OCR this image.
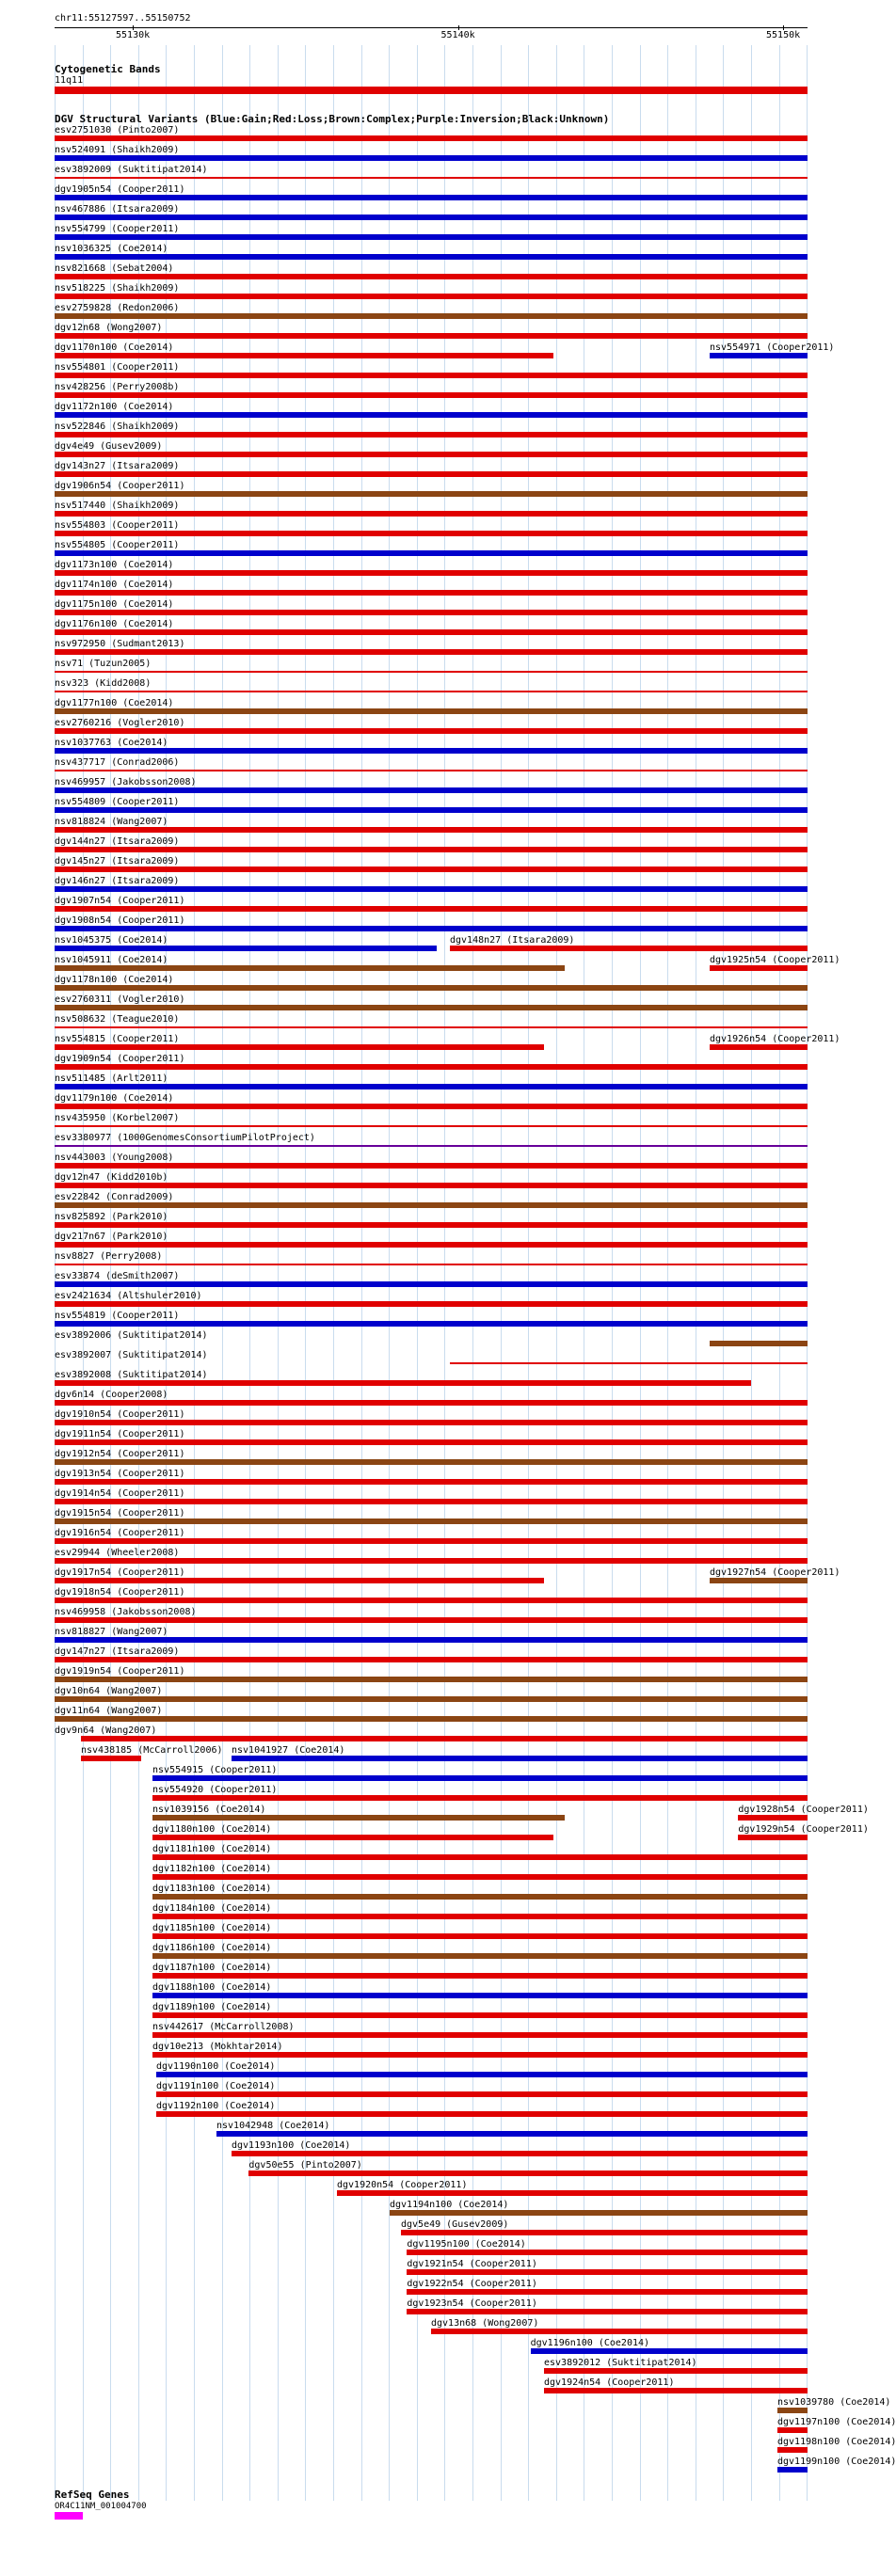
chr11:55127597..55150752
55130k	55140k	55150k
Cytogenetic Bands
11q11
DGV Structural Variants (Blue:Gain;Red:Loss;Brown:Complex;Purple:Inversion;Black:Unknown)
esv2751030 (Pinto2007)
nsv524091 (Shaikh2009)
esv3892009 (Suktitipat2014)
dgv1905n54 (Cooper2011)
nsv467886 (Itsara2009)
nsv554799 (Cooper2011)
nsv1036325 (Coe2014)
nsv821668 (Sebat2004)
nsv518225 (Shaikh2009)
esv2759828 (Redon2006)
dgv12n68 (Wong2007)
dgv1170n100 (Coe2014)	nsv554971 (Cooper2011)
nsv554801 (Cooper2011)
nsv428256 (Perry2008b)
dgv1172n100 (Coe2014)
nsv522846 (Shaikh2009)
dgv4e49 (Gusev2009)
dgv143n27 (Itsara2009)
dgv1906n54 (Cooper2011)
nsv517440 (Shaikh2009)
nsv554803 (Cooper2011)
nsv554805 (Cooper2011)
dgv1173n100 (Coe2014)
dgv1174n100 (Coe2014)
dgv1175n100 (Coe2014)
dgv1176n100 (Coe2014)
nsv972950 (Sudmant2013)
nsv71 (Tuzun2005)
nsv323 (Kidd2008)
dgv1177n100 (Coe2014)
esv2760216 (Vogler2010)
nsv1037763 (Coe2014)
nsv437717 (Conrad2006)
nsv469957 (Jakobsson2008)
nsv554809 (Cooper2011)
nsv818824 (Wang2007)
dgv144n27 (Itsara2009)
dgv145n27 (Itsara2009)
dgv146n27 (Itsara2009)
dgv1907n54 (Cooper2011)
dgv1908n54 (Cooper2011)
nsv1045375 (Coe2014)	dgv148n27 (Itsara2009)
nsv1045911 (Coe2014)	dgv1925n54 (Cooper2011)
dgv1178n100 (Coe2014)
esv2760311 (Vogler2010)
nsv508632 (Teague2010)
nsv554815 (Cooper2011)	dgv1926n54 (Cooper2011)
dgv1909n54 (Cooper2011)
nsv511485 (Arlt2011)
dgv1179n100 (Coe2014)
nsv435950 (Korbel2007)
esv3380977 (1000GenomesConsortiumPilotProject)
nsv443003 (Young2008)
dgv12n47 (Kidd2010b)
esv22842 (Conrad2009)
nsv825892 (Park2010)
dgv217n67 (Park2010)
nsv8827 (Perry2008)
esv33874 (deSmith2007)
esv2421634 (Altshuler2010)
nsv554819 (Cooper2011)
esv3892006 (Suktitipat2014)
esv3892007 (Suktitipat2014)
esv3892008 (Suktitipat2014)
dgv6n14 (Cooper2008)
dgv1910n54 (Cooper2011)
dgv1911n54 (Cooper2011)
dgv1912n54 (Cooper2011)
dgv1913n54 (Cooper2011)
dgv1914n54 (Cooper2011)
dgv1915n54 (Cooper2011)
dgv1916n54 (Cooper2011)
esv29944 (Wheeler2008)
dgv1917n54 (Cooper2011)	dgv1927n54 (Cooper2011)
dgv1918n54 (Cooper2011)
nsv469958 (Jakobsson2008)
nsv818827 (Wang2007)
dgv147n27 (Itsara2009)
dgv1919n54 (Cooper2011)
dgv10n64 (Wang2007)
dgv11n64 (Wang2007)
dgv9n64 (Wang2007)
nsv438185 (McCarroll2006) nsv1041927 (Coe2014)
nsv554915 (Cooper2011)
nsv554920 (Cooper2011)
nsv1039156 (Coe2014)	dgv1928n54 (Cooper2011)
dgv1180n100 (Coe2014)	dgv1929n54 (Cooper2011)
dgv1181n100 (Coe2014)
dgv1182n100 (Coe2014)
dgv1183n100 (Coe2014)
dgv1184n100 (Coe2014)
dgv1185n100 (Coe2014)
dgv1186n100 (Coe2014)
dgv1187n100 (Coe2014)
dgv1188n100 (Coe2014)
dgv1189n100 (Coe2014)
nsv442617 (McCarroll2008)
dgv10e213 (Mokhtar2014)
dgv1190n100 (Coe2014)
dgv1191n100 (Coe2014)
dgv1192n100 (Coe2014)
nsv1042948 (Coe2014)
dgv1193n100 (Coe2014)
dgv50e55 (Pinto2007)
dgv1920n54 (Cooper2011)
dgv1194n100 (Coe2014)
dgv5e49 (Gusev2009)
dgv1195n100 (Coe2014)
dgv1921n54 (Cooper2011)
dgv1922n54 (Cooper2011)
dgv1923n54 (Cooper2011)
dgv13n68 (Wong2007)
dgv1196n100 (Coe2014)
esv3892012 (Suktitipat2014)
dgv1924n54 (Cooper2011)
nsv1039780 (Coe2014)
dgv1197n100 (Coe2014)
dgv1198n100 (Coe2014)
dgv1199n100 (Coe2014)
RefSeq Genes
OR4C11NM_001004700
